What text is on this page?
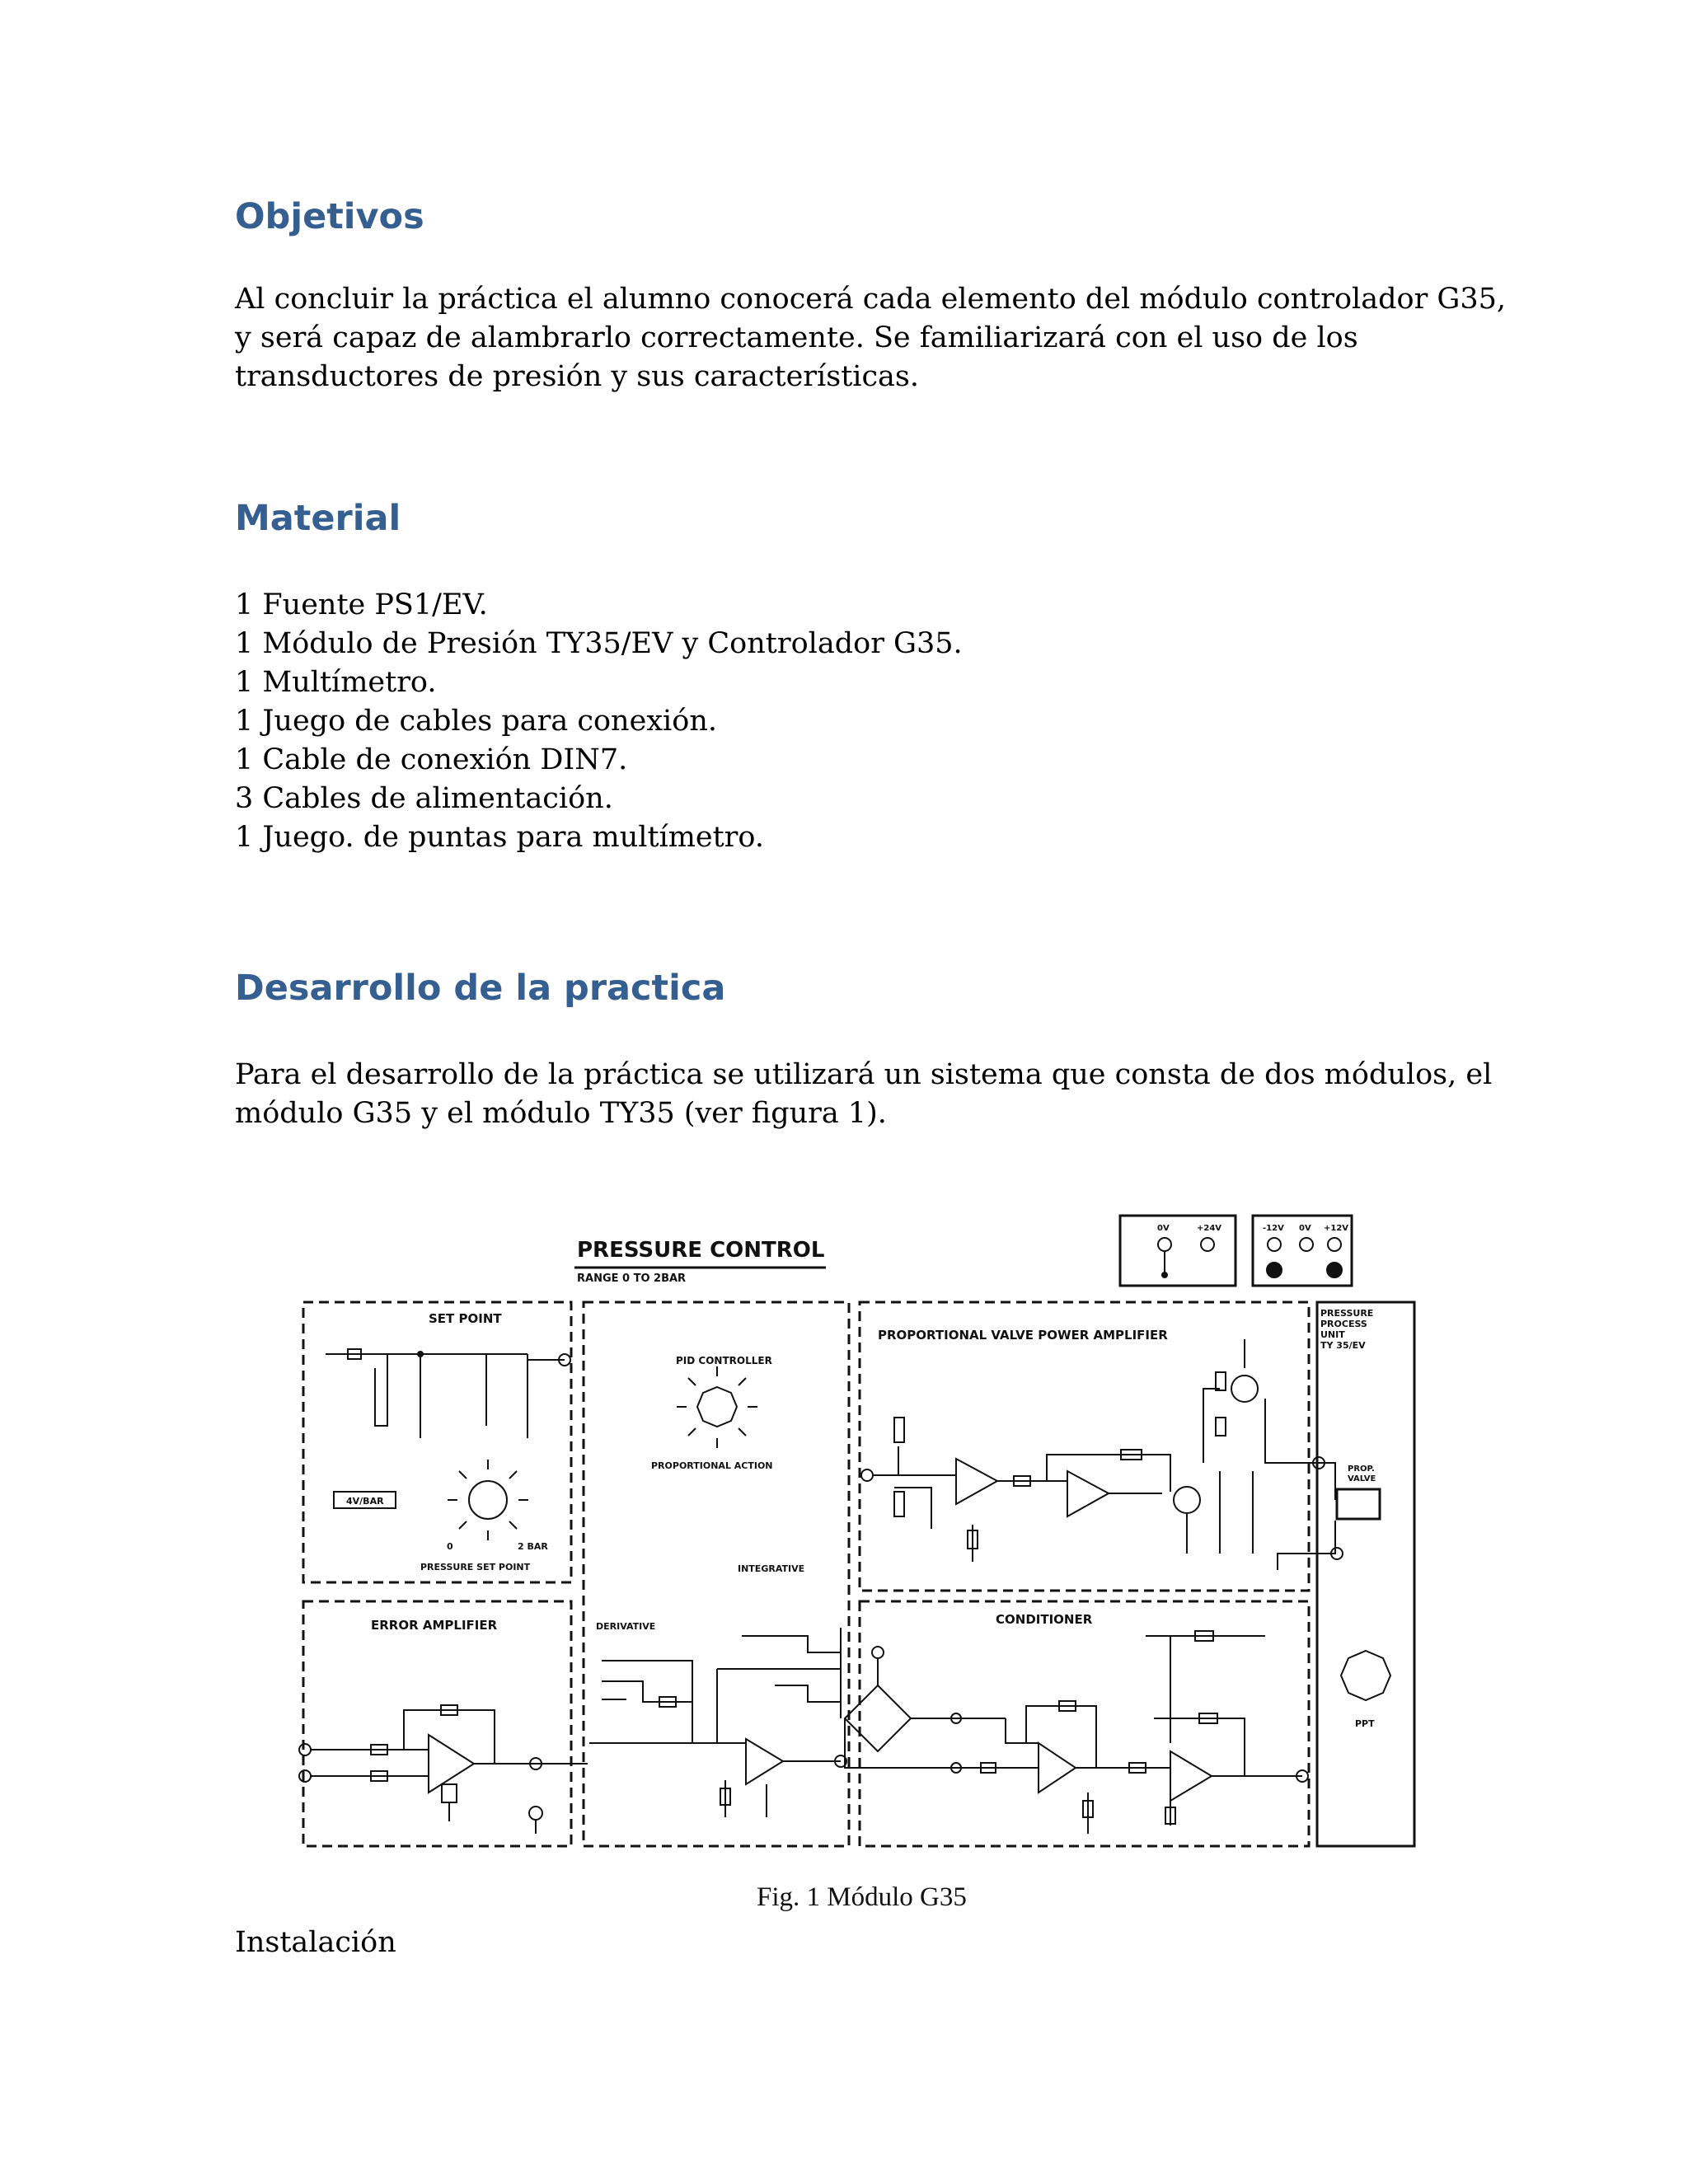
Objetivos
Al concluir la práctica el alumno conocerá cada elemento del módulo controlador G35,
y será capaz de alambrarlo correctamente. Se familiarizará con el uso de los
transductores de presión y sus características.
Material
1 Fuente PS1/EV.
1 Módulo de Presión TY35/EV y Controlador G35.
1 Multímetro.
1 Juego de cables para conexión.
1 Cable de conexión DIN7.
3 Cables de alimentación.
1 Juego. de puntas para multímetro.
Desarrollo de la practica
Para el desarrollo de la práctica se utilizará un sistema que consta de dos módulos, el
módulo G35 y el módulo TY35 (ver figura 1).
PRESSURE CONTROL
RANGE 0 TO 2BAR
0V	+24V	-12V 0V +12V
SET POINT
PID CONTROLLER
PROPORTIONAL ACTION
PROPORTIONAL VALVE POWER AMPLIFIER
ERROR AMPLIFIER	DERIVATIVE
INTEGRATIVE
CONDITIONER
PRESSURE SET POINT
4V/BAR
0	2 BAR
PRESSURE
PROCESS
UNIT
TY 35/EV
PROP.
VALVE
PPT
Fig. 1 Módulo G35
Instalación
